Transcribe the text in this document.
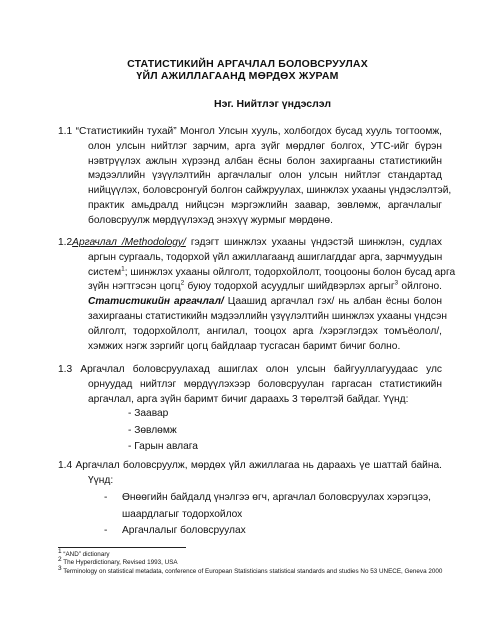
СТАТИСТИКИЙН АРГАЧЛАЛ БОЛОВСРУУЛАХ
ҮЙЛ АЖИЛЛАГААНД МӨРДӨХ ЖУРАМ
Нэг. Нийтлэг үндэслэл
1.1 “Статистикийн тухай” Монгол Улсын хууль, холбогдох бусад хууль тогтоомж,
олон улсын нийтлэг зарчим, арга зүйг мөрдлөг болгох, УТС-ийг бүрэн
нэвтрүүлэх ажлын хүрээнд албан ёсны болон захиргааны статистикийн
мэдээллийн үзүүлэлтийн аргачлалыг олон улсын нийтлэг стандартад
нийцүүлэх, боловсронгуй болгон сайжруулах, шинжлэх ухааны үндэслэлтэй,
практик амьдралд нийцсэн мэргэжлийн заавар, зөвлөмж, аргачлалыг
боловсруулж мөрдүүлэхэд энэхүү журмыг мөрдөнө.
1.2Аргачлал /Methodology/ гэдэгт шинжлэх ухааны үндэстэй шинжлэн, судлах
аргын сургааль, тодорхой үйл ажиллагаанд ашиглагддаг арга, зарчмуудын
систем$^1$; шинжлэх ухааны ойлголт, тодорхойлолт, тооцооны болон бусад арга
зүйн нэгтгэсэн цогц$^2$ буюу тодорхой асуудлыг шийдвэрлэх аргыг$^3$ ойлгоно.
Статистикийн аргачлал/ Цаашид аргачлал гэх/ нь албан ёсны болон
захиргааны статистикийн мэдээллийн үзүүлэлтийн шинжлэх ухааны үндсэн
ойлголт, тодорхойлолт, ангилал, тооцох арга /хэрэглэгдэх томъёолол/,
хэмжих нэгж зэргийг цогц байдлаар тусгасан баримт бичиг болно.
1.3 Аргачлал боловсруулахад ашиглах олон улсын байгууллагуудаас улс
орнуудад нийтлэг мөрдүүлэхээр боловсруулан гаргасан статистикийн
аргачлал, арга зүйн баримт бичиг дараахь 3 төрөлтэй байдаг. Үүнд:
- Заавар
- Зөвлөмж
- Гарын авлага
1.4 Аргачлал боловсруулж, мөрдөх үйл ажиллагаа нь дараахь үе шаттай байна.
Үүнд:
- Өнөөгийн байдалд үнэлгээ өгч, аргачлал боловсруулах хэрэгцээ,
шаардлагыг тодорхойлох
- Аргачлалыг боловсруулах
$^1$ “AND” dictionary
$^2$ The Hyperdictionary, Revised 1993, USA
$^3$ Terminology on statistical metadata, conference of European Statisticians statistical standards and studies No 53 UNECE, Geneva 2000
